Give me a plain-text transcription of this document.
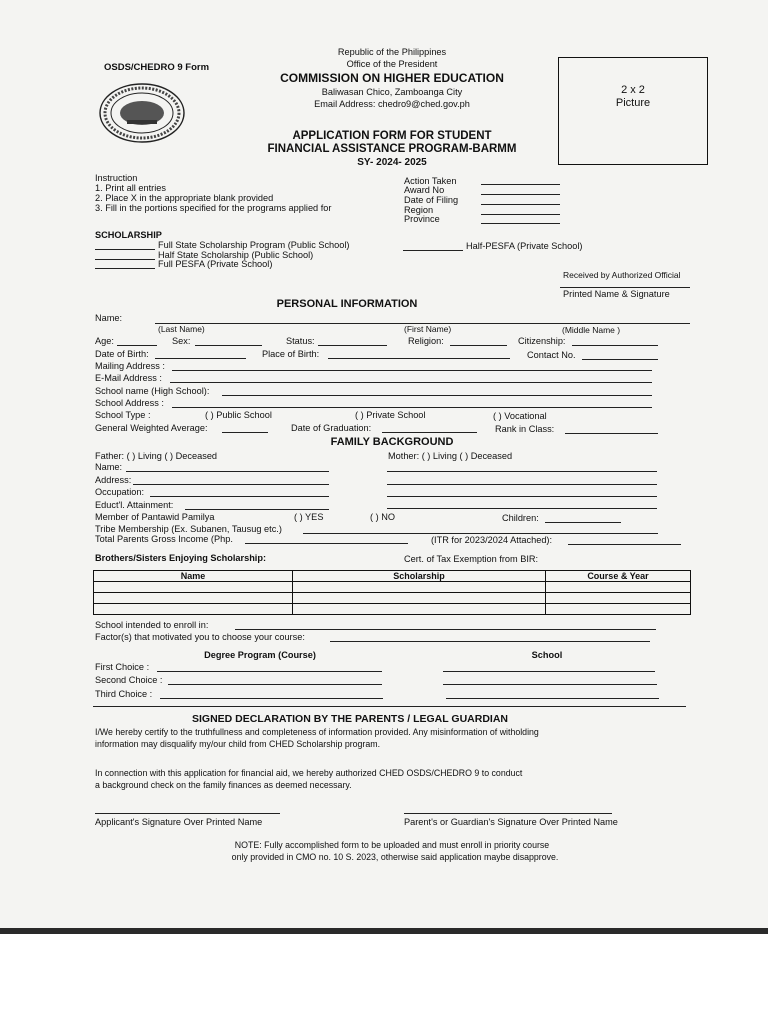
OSDS/CHEDRO 9 Form
Republic of the Philippines
Office of the President
COMMISSION ON HIGHER EDUCATION
Baliwasan Chico, Zamboanga City
Email Address: chedro9@ched.gov.ph
2 x 2
Picture
APPLICATION FORM FOR STUDENT
FINANCIAL ASSISTANCE PROGRAM-BARMM
SY- 2024- 2025
Instruction
1. Print all entries
2. Place X in the appropriate blank provided
3. Fill in the portions specified for the programs applied for
Action Taken
Award No
Date of Filing
Region
Province
SCHOLARSHIP
Full State Scholarship Program (Public School)
Half State Scholarship (Public School)
Full PESFA (Private School)
Half-PESFA (Private School)
Received by Authorized Official
Printed Name & Signature
PERSONAL INFORMATION
Name:
(Last Name)	(First Name)	(Middle Name )
Age:	Sex:	Status:	Religion:	Citizenship:
Date of Birth:	Place of Birth:	Contact No.
Mailing Address :
E-Mail Address :
School name (High School):
School Address :
School Type :	( ) Public School	( ) Private School	( ) Vocational
General Weighted Average:	Date of Graduation:	Rank in Class:
FAMILY BACKGROUND
Father: ( ) Living ( ) Deceased	Mother: ( ) Living ( ) Deceased
Name:
Address:
Occupation:
Educt'l. Attainment:
Member of Pantawid Pamilya	( ) YES	( ) NO	Children:
Tribe Membership (Ex. Subanen, Tausug etc.)
Total Parents Gross Income (Php.	(ITR for 2023/2024 Attached):
Brothers/Sisters Enjoying Scholarship:	Cert. of Tax Exemption from BIR:
Name	Scholarship	Course & Year

School intended to enroll in:
Factor(s) that motivated you to choose your course:
Degree Program (Course)	School
First Choice :
Second Choice :
Third Choice :
SIGNED DECLARATION BY THE PARENTS / LEGAL GUARDIAN
I/We hereby certify to the truthfullness and completeness of information provided. Any misinformation of witholding
information may disqualify my/our child from CHED Scholarship program.
In connection with this application for financial aid, we hereby authorized CHED OSDS/CHEDRO 9 to conduct
a background check on the family finances as deemed necessary.
Applicant's Signature Over Printed Name	Parent's or Guardian's Signature Over Printed Name
NOTE: Fully accomplished form to be uploaded and must enroll in priority course
only provided in CMO no. 10 S. 2023, otherwise said application maybe disapprove.
